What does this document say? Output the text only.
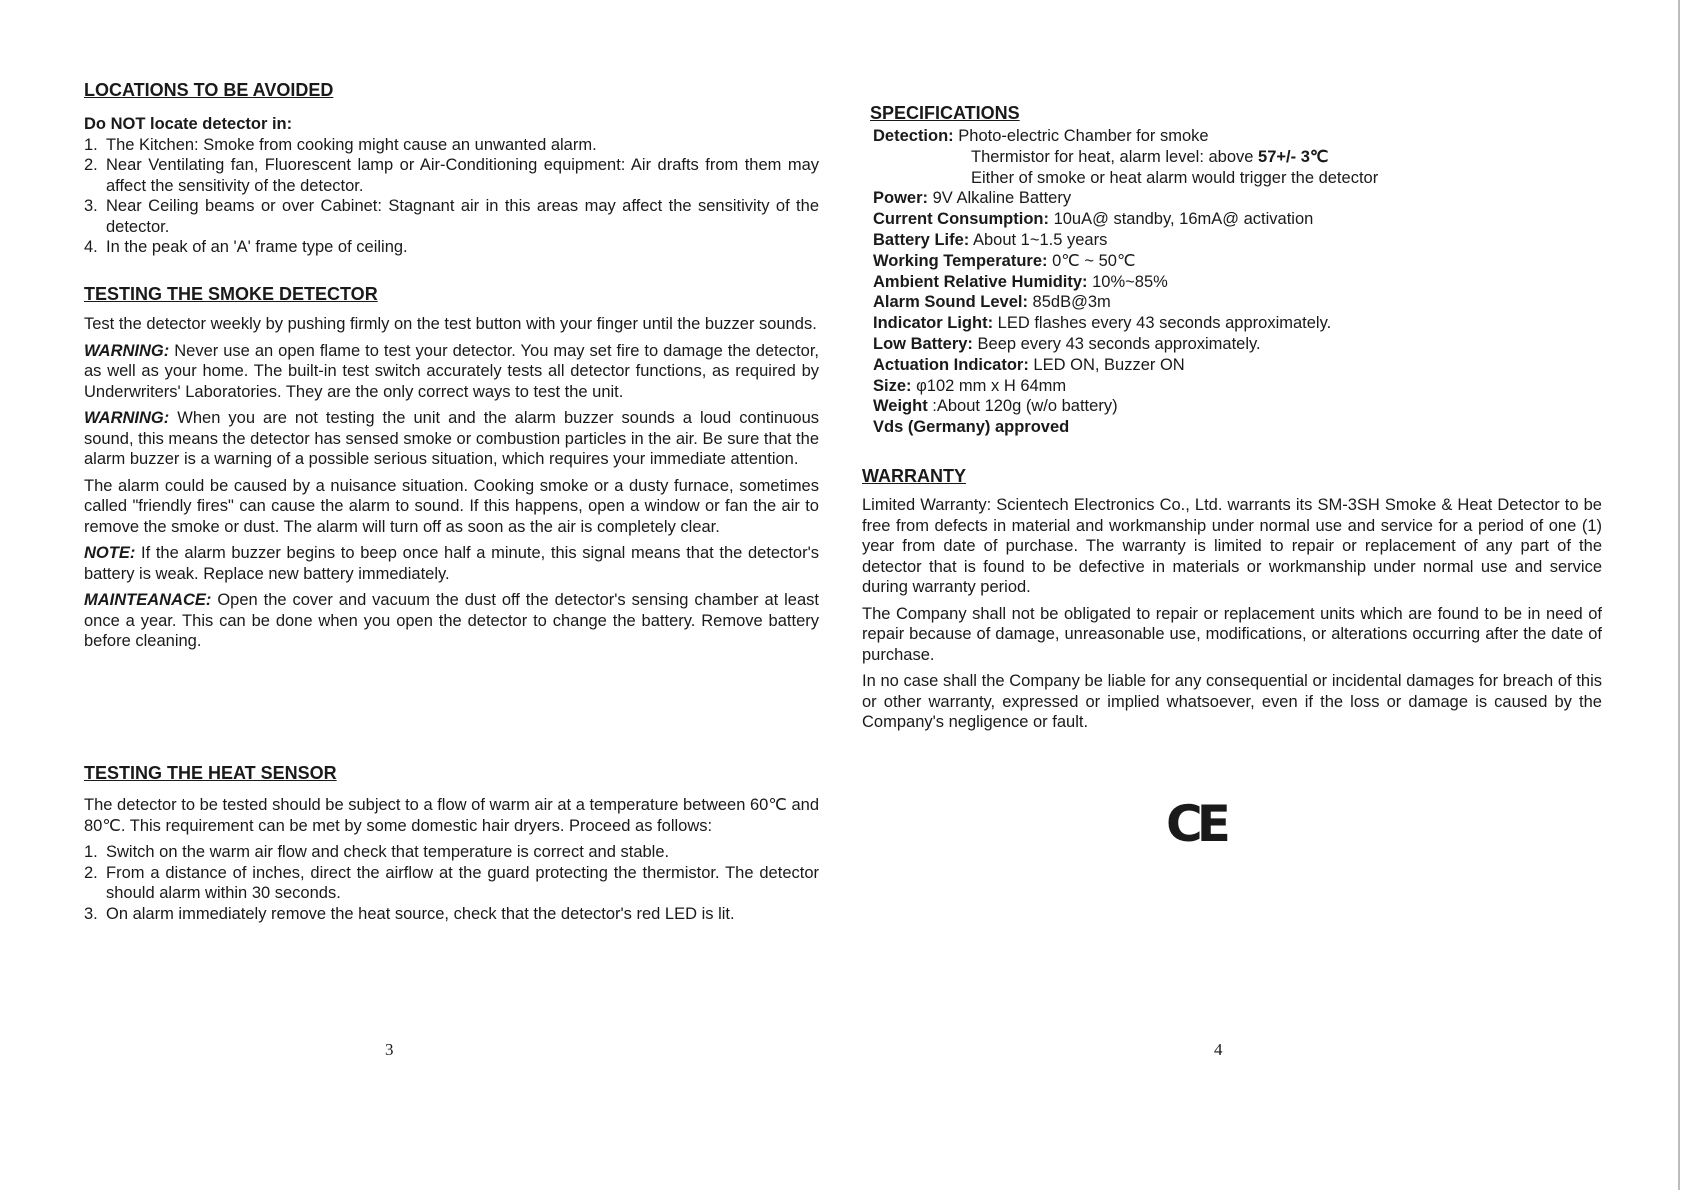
LOCATIONS TO BE AVOIDED
Do NOT locate detector in:
1. The Kitchen: Smoke from cooking might cause an unwanted alarm.
2. Near Ventilating fan, Fluorescent lamp or Air-Conditioning equipment: Air drafts from them may affect the sensitivity of the detector.
3. Near Ceiling beams or over Cabinet: Stagnant air in this areas may affect the sensitivity of the detector.
4. In the peak of an 'A' frame type of ceiling.
TESTING THE SMOKE DETECTOR

Test the detector weekly by pushing firmly on the test button with your finger until the buzzer sounds.

WARNING: Never use an open flame to test your detector. You may set fire to damage the detector, as well as your home. The built-in test switch accurately tests all detector functions, as required by Underwriters' Laboratories. They are the only correct ways to test the unit.

WARNING: When you are not testing the unit and the alarm buzzer sounds a loud continuous sound, this means the detector has sensed smoke or combustion particles in the air. Be sure that the alarm buzzer is a warning of a possible serious situation, which requires your immediate attention.

The alarm could be caused by a nuisance situation. Cooking smoke or a dusty furnace, sometimes called "friendly fires" can cause the alarm to sound. If this happens, open a window or fan the air to remove the smoke or dust. The alarm will turn off as soon as the air is completely clear.

NOTE: If the alarm buzzer begins to beep once half a minute, this signal means that the detector's battery is weak. Replace new battery immediately.

MAINTEANACE: Open the cover and vacuum the dust off the detector's sensing chamber at least once a year. This can be done when you open the detector to change the battery. Remove battery before cleaning.

TESTING THE HEAT SENSOR

The detector to be tested should be subject to a flow of warm air at a temperature between 60℃ and 80℃. This requirement can be met by some domestic hair dryers. Proceed as follows:

1. Switch on the warm air flow and check that temperature is correct and stable.
2. From a distance of inches, direct the airflow at the guard protecting the thermistor. The detector should alarm within 30 seconds.
3. On alarm immediately remove the heat source, check that the detector's red LED is lit.
3
SPECIFICATIONS
Detection: Photo-electric Chamber for smoke
Thermistor for heat, alarm level: above 57+/- 3℃
Either of smoke or heat alarm would trigger the detector
Power: 9V Alkaline Battery
Current Consumption: 10uA@ standby, 16mA@ activation
Battery Life: About 1~1.5 years
Working Temperature: 0℃ ~ 50℃
Ambient Relative Humidity: 10%~85%
Alarm Sound Level: 85dB@3m
Indicator Light: LED flashes every 43 seconds approximately.
Low Battery: Beep every 43 seconds approximately.
Actuation Indicator: LED ON, Buzzer ON
Size: φ102 mm x H 64mm
Weight :About 120g (w/o battery)
Vds (Germany) approved
WARRANTY

Limited Warranty: Scientech Electronics Co., Ltd. warrants its SM-3SH Smoke & Heat Detector to be free from defects in material and workmanship under normal use and service for a period of one (1) year from date of purchase. The warranty is limited to repair or replacement of any part of the detector that is found to be defective in materials or workmanship under normal use and service during warranty period.

The Company shall not be obligated to repair or replacement units which are found to be in need of repair because of damage, unreasonable use, modifications, or alterations occurring after the date of purchase.

In no case shall the Company be liable for any consequential or incidental damages for breach of this or other warranty, expressed or implied whatsoever, even if the loss or damage is caused by the Company's negligence or fault.

CE
4
